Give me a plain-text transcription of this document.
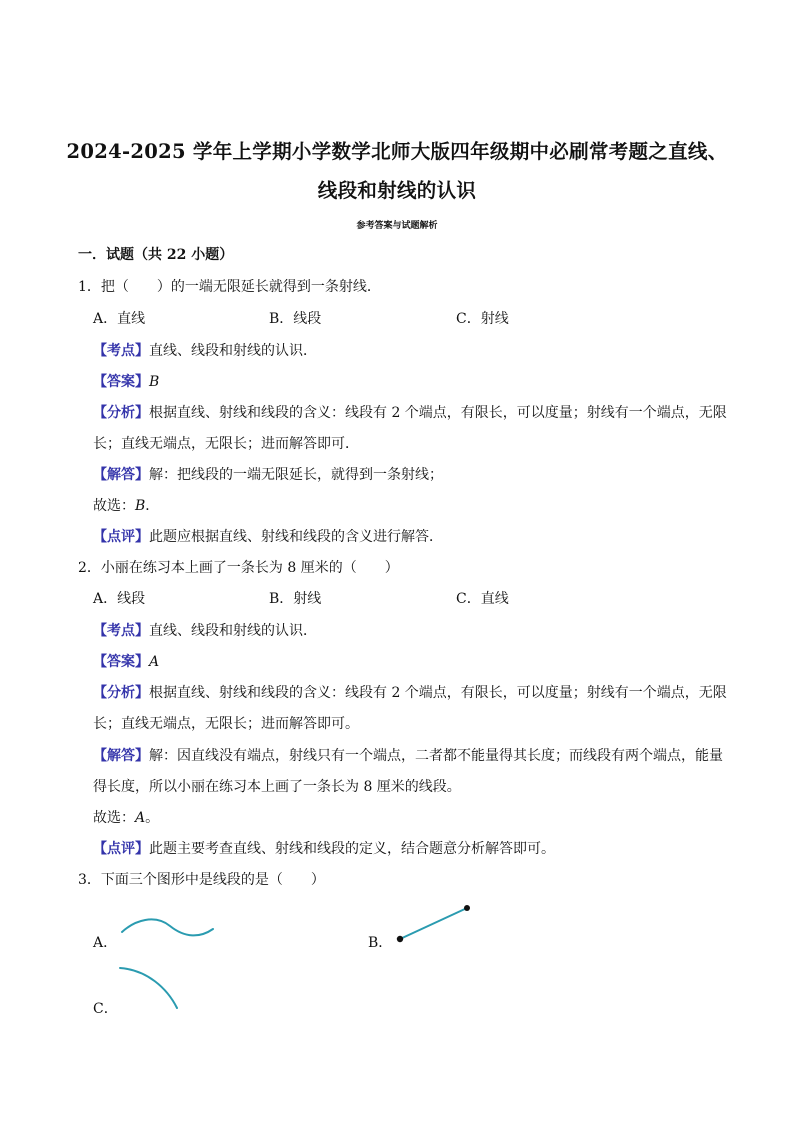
2024-2025 学年上学期小学数学北师大版四年级期中必刷常考题之直线、
线段和射线的认识
参考答案与试题解析
一．试题（共 22 小题）
1．把（　　）的一端无限延长就得到一条射线．
A．直线	B．线段	C．射线
【考点】直线、线段和射线的认识．
【答案】B
【分析】根据直线、射线和线段的含义：线段有 2 个端点，有限长，可以度量；射线有一个端点，无限
长；直线无端点，无限长；进而解答即可．
【解答】解：把线段的一端无限延长，就得到一条射线；
故选：B．
【点评】此题应根据直线、射线和线段的含义进行解答．
2．小丽在练习本上画了一条长为 8 厘米的（　　）
A．线段	B．射线	C．直线
【考点】直线、线段和射线的认识．
【答案】A
【分析】根据直线、射线和线段的含义：线段有 2 个端点，有限长，可以度量；射线有一个端点，无限
长；直线无端点，无限长；进而解答即可。
【解答】解：因直线没有端点，射线只有一个端点，二者都不能量得其长度；而线段有两个端点，能量
得长度，所以小丽在练习本上画了一条长为 8 厘米的线段。
故选：A。
【点评】此题主要考查直线、射线和线段的定义，结合题意分析解答即可。
3．下面三个图形中是线段的是（　　）
A．	B．
C．
